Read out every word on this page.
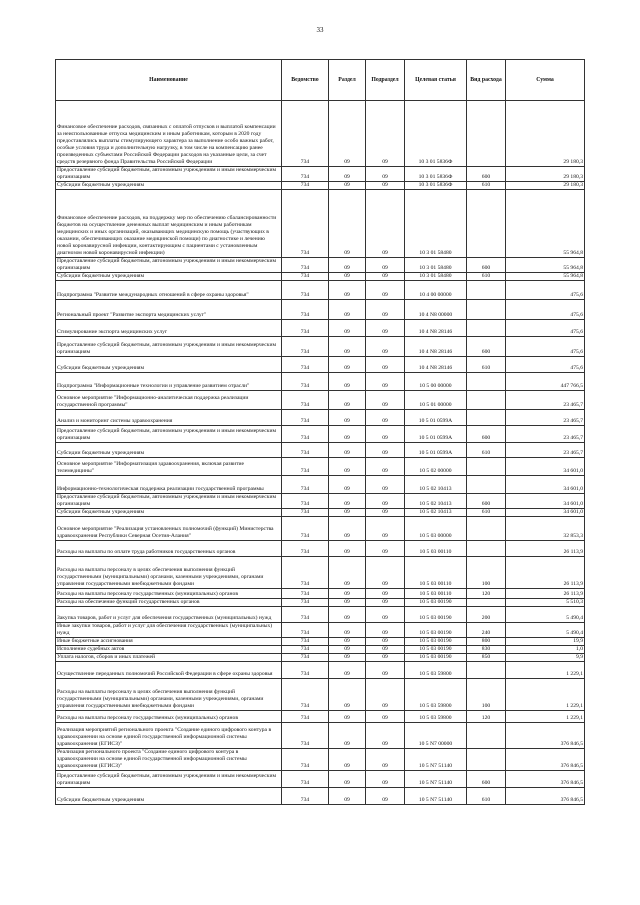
33
Наименование	Ведомство	Раздел	Подраздел	Целевая статья	Вид расхода	Сумма
Финансовое обеспечение расходов, связанных с оплатой отпусков и выплатой компенсации за неиспользованные отпуска медицинским и иным работникам, которым в 2020 году предоставлялись выплаты стимулирующего характера за выполнение особо важных работ, особые условия труда и дополнительную нагрузку, в том числе на компенсацию ранее произведенных субъектами Российской Федерации расходов на указанные цели, за счет средств резервного фонда Правительства Российской Федерации	734	09	09	10 3 01 5836Ф		29 180,3
Предоставление субсидий бюджетным, автономным учреждениям и иным некоммерческим организациям	734	09	09	10 3 01 5836Ф	600	29 180,3
Субсидии бюджетным учреждениям	734	09	09	10 3 01 5836Ф	610	29 180,3
Финансовое обеспечение расходов, на поддержку мер по обеспечению сбалансированности бюджетов на осуществление денежных выплат медицинским и иным работникам медицинских и иных организаций, оказывающих медицинскую помощь (участвующих в оказании, обеспечивающих оказание медицинской помощи) по диагностике и лечению новой коронавирусной инфекции, контактирующим с пациентами с установленным диагнозом новой коронавирусной инфекции)	734	09	09	10 3 01 58480		55 964,8
Предоставление субсидий бюджетным, автономным учреждениям и иным некоммерческим организациям	734	09	09	10 3 01 58480	600	55 964,8
Субсидии бюджетным учреждениям	734	09	09	10 3 01 58480	610	55 964,8
Подпрограмма "Развитие международных отношений в сфере охраны здоровья"	734	09	09	10 4 00 00000		475,6
Региональный проект "Развитие экспорта медицинских услуг"	734	09	09	10 4 N8 00000		475,6
Стимулирование экспорта медицинских услуг	734	09	09	10 4 N8 28146		475,6
Предоставление субсидий бюджетным, автономным учреждениям и иным некоммерческим организациям	734	09	09	10 4 N8 28146	600	475,6
Субсидии бюджетным учреждениям	734	09	09	10 4 N8 28146	610	475,6
Подпрограмма "Информационные технологии и управление развитием отрасли"	734	09	09	10 5 00 00000		447 766,5
Основное мероприятие "Информационно-аналитическая поддержка реализации государственной программы"	734	09	09	10 5 01 00000		23 465,7
Анализ и мониторинг системы здравоохранения	734	09	09	10 5 01 0599A		23 465,7
Предоставление субсидий бюджетным, автономным учреждениям и иным некоммерческим организациям	734	09	09	10 5 01 0599A	600	23 465,7
Субсидии бюджетным учреждениям	734	09	09	10 5 01 0599A	610	23 465,7
Основное мероприятие "Информатизация здравоохранения, включая развитие телемедицины"	734	09	09	10 5 02 00000		34 601,0
Информационно-технологическая поддержка реализации государственной программы	734	09	09	10 5 02 10413		34 601,0
Предоставление субсидий бюджетным, автономным учреждениям и иным некоммерческим организациям	734	09	09	10 5 02 10413	600	34 601,0
Субсидии бюджетным учреждениям	734	09	09	10 5 02 10413	610	34 601,0
Основное мероприятие "Реализация установленных полномочий (функций) Министерства здравоохранения Республики Северная Осетия-Алания"	734	09	09	10 5 03 00000		32 853,3
Расходы на выплаты по оплате труда работников государственных органов	734	09	09	10 5 03 00110		26 113,9
Расходы на выплаты персоналу в целях обеспечения выполнения функций государственными (муниципальными) органами, казенными учреждениями, органами управления государственными внебюджетными фондами	734	09	09	10 5 03 00110	100	26 113,9
Расходы на выплаты персоналу государственных (муниципальных) органов	734	09	09	10 5 03 00110	120	26 113,9
Расходы на обеспечение функций государственных органов	734	09	09	10 5 03 00190		5 510,3
Закупка товаров, работ и услуг для обеспечения государственных (муниципальных) нужд	734	09	09	10 5 03 00190	200	5 490,4
Иные закупки товаров, работ и услуг для обеспечения государственных (муниципальных) нужд	734	09	09	10 5 03 00190	240	5 490,4
Иные бюджетные ассигнования	734	09	09	10 5 03 00190	800	19,9
Исполнение судебных актов	734	09	09	10 5 03 00190	830	1,0
Уплата налогов, сборов и иных платежей	734	09	09	10 5 03 00190	850	9,9
Осуществление переданных полномочий Российской Федерации в сфере охраны здоровья	734	09	09	10 5 03 59800		1 229,1
Расходы на выплаты персоналу в целях обеспечения выполнения функций государственными (муниципальными) органами, казенными учреждениями, органами управления государственными внебюджетными фондами	734	09	09	10 5 03 59800	100	1 229,1
Расходы на выплаты персоналу государственных (муниципальных) органов	734	09	09	10 5 03 59800	120	1 229,1
Реализация мероприятий регионального проекта "Создание единого цифрового контура в здравоохранении на основе единой государственной информационной системы здравоохранения (ЕГИСЗ)"	734	09	09	10 5 N7 00000		376 846,5
Реализация регионального проекта "Создание единого цифрового контура в здравоохранении на основе единой государственной информационной системы здравоохранения (ЕГИСЗ)"	734	09	09	10 5 N7 51140		376 846,5
Предоставление субсидий бюджетным, автономным учреждениям и иным некоммерческим организациям	734	09	09	10 5 N7 51140	600	376 846,5
Субсидии бюджетным учреждениям	734	09	09	10 5 N7 51140	610	376 846,5
